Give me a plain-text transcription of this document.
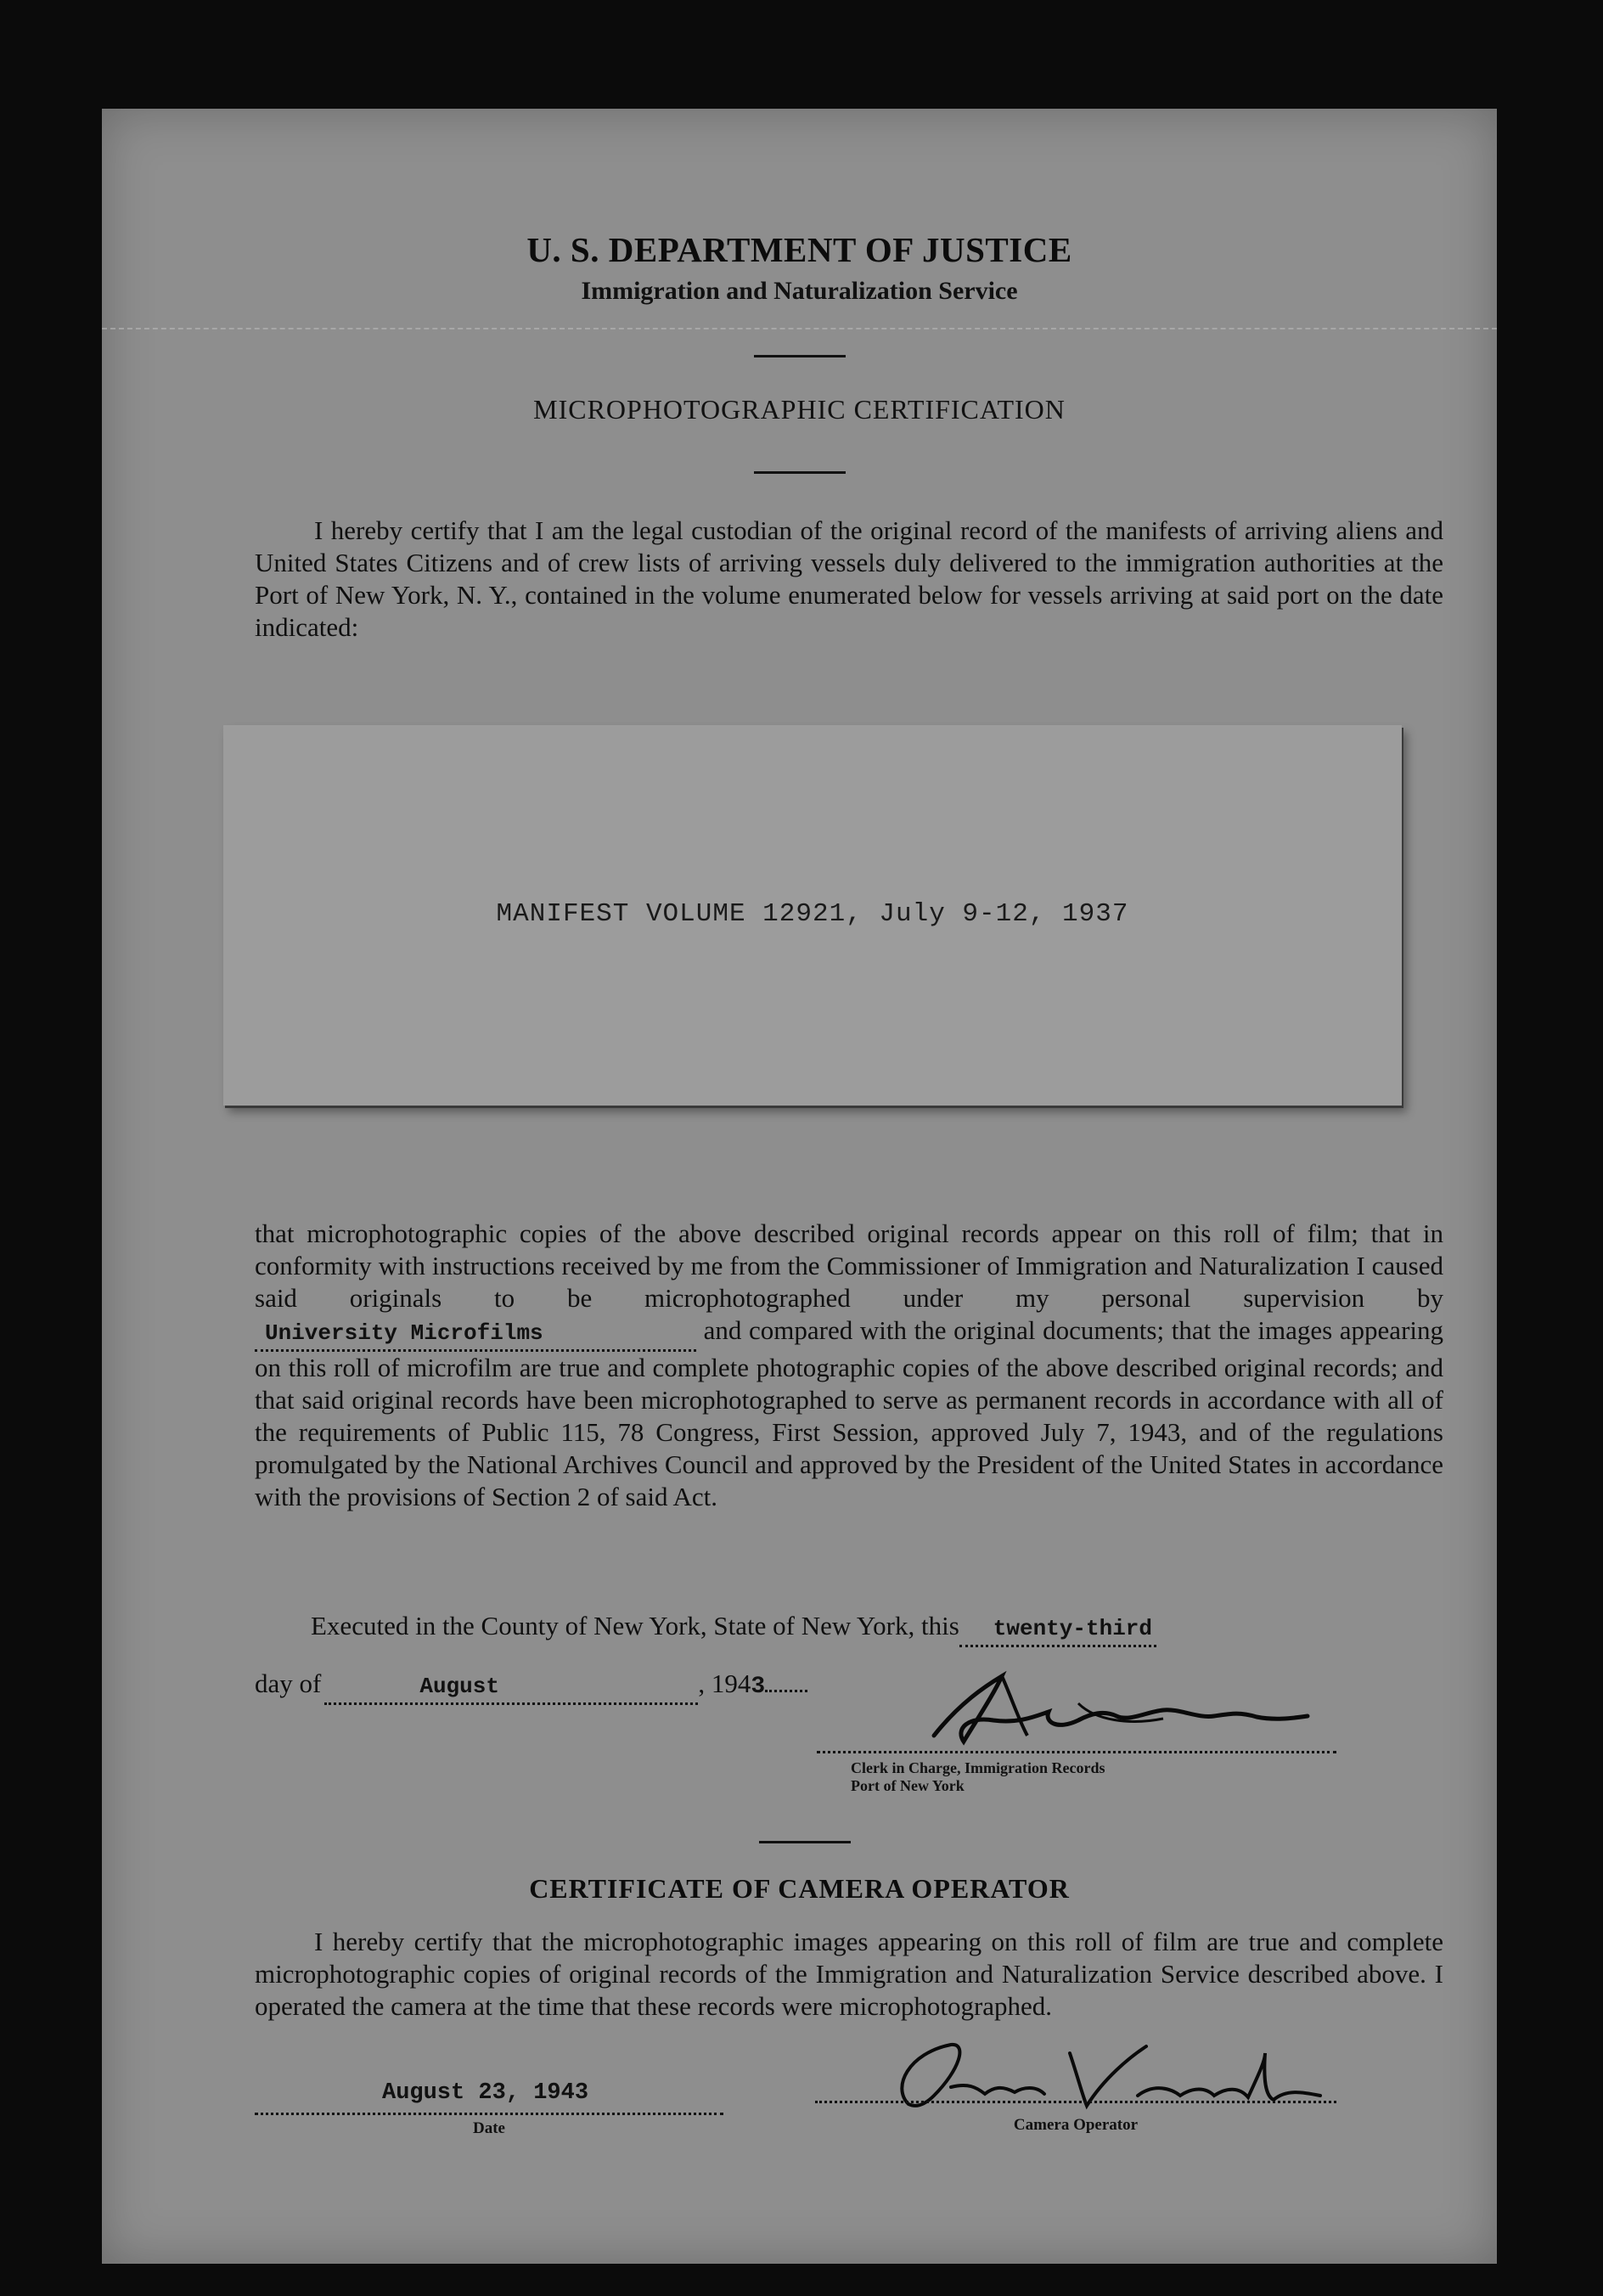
U. S. DEPARTMENT OF JUSTICE
Immigration and Naturalization Service
MICROPHOTOGRAPHIC CERTIFICATION
I hereby certify that I am the legal custodian of the original record of the manifests of arriving aliens and United States Citizens and of crew lists of arriving vessels duly delivered to the immigration authorities at the Port of New York, N. Y., contained in the volume enumerated below for vessels arriving at said port on the date indicated:
MANIFEST VOLUME 12921, July 9-12, 1937
that microphotographic copies of the above described original records appear on this roll of film; that in conformity with instructions received by me from the Commissioner of Immigration and Naturalization I caused said originals to be microphotographed under my personal supervision by University Microfilms	and compared with the original documents; that the images appearing on this roll of microfilm are true and complete photographic copies of the above described original records; and that said original records have been microphotographed to serve as permanent records in accordance with all of the requirements of Public 115, 78 Congress, First Session, approved July 7, 1943, and of the regulations promulgated by the National Archives Council and approved by the President of the United States in accordance with the provisions of Section 2 of said Act.
Executed in the County of New York, State of New York, this twenty-third
day of	August	, 1943
Clerk in Charge, Immigration Records
Port of New York
CERTIFICATE OF CAMERA OPERATOR
I hereby certify that the microphotographic images appearing on this roll of film are true and complete microphotographic copies of original records of the Immigration and Naturalization Service described above. I operated the camera at the time that these records were microphotographed.
August 23, 1943
Date	Camera Operator
